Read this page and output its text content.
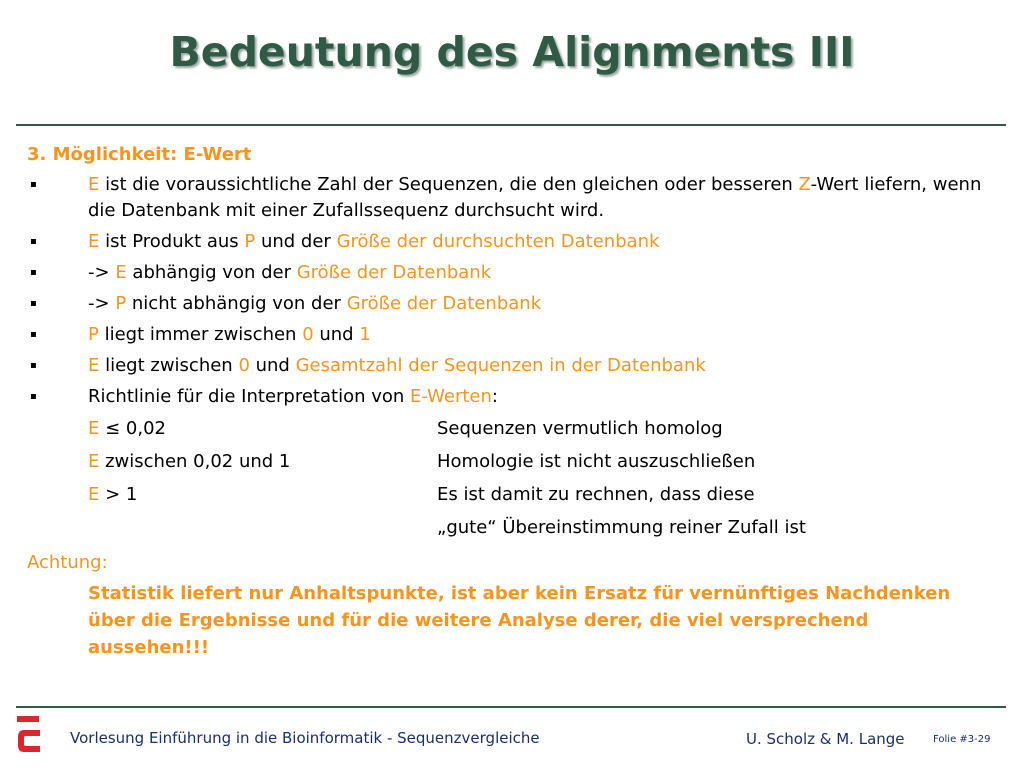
Bedeutung des Alignments III
3. Möglichkeit: E-Wert
▪	E ist die voraussichtliche Zahl der Sequenzen, die den gleichen oder besseren Z-Wert liefern, wenn die Datenbank mit einer Zufallssequenz durchsucht wird.
▪	E ist Produkt aus P und der Größe der durchsuchten Datenbank
▪	-> E abhängig von der Größe der Datenbank
▪	-> P nicht abhängig von der Größe der Datenbank
▪	P liegt immer zwischen 0 und 1
▪	E liegt zwischen 0 und Gesamtzahl der Sequenzen in der Datenbank
▪	Richtlinie für die Interpretation von E-Werten:
E ≤ 0,02	Sequenzen vermutlich homolog
E zwischen 0,02 und 1	Homologie ist nicht auszuschließen
E > 1	Es ist damit zu rechnen, dass diese
„gute“ Übereinstimmung reiner Zufall ist
Achtung:
Statistik liefert nur Anhaltspunkte, ist aber kein Ersatz für vernünftiges Nachdenken über die Ergebnisse und für die weitere Analyse derer, die viel versprechend aussehen!!!
Vorlesung Einführung in die Bioinformatik - Sequenzvergleiche	U. Scholz & M. Lange	Folie #3-29
